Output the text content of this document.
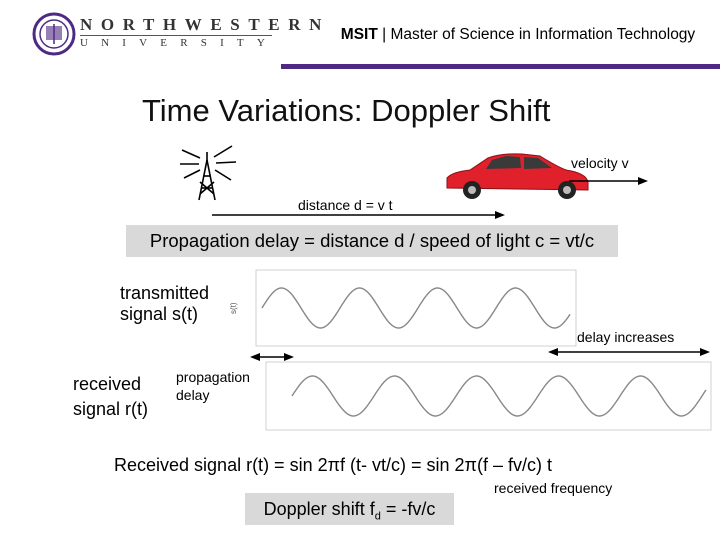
s(t)
NORTHWESTERN
UNIVERSITY	MSIT | Master of Science in Information Technology
Time Variations: Doppler Shift
velocity v
distance d = v t
Propagation delay = distance d / speed of light c = vt/c
transmitted
signal s(t)
delay increases
received
signal r(t)
propagation
delay
Received signal r(t) = sin 2πf (t- vt/c) = sin 2π(f – fv/c) t
received frequency
Doppler shift $f_d = -fv/c$
